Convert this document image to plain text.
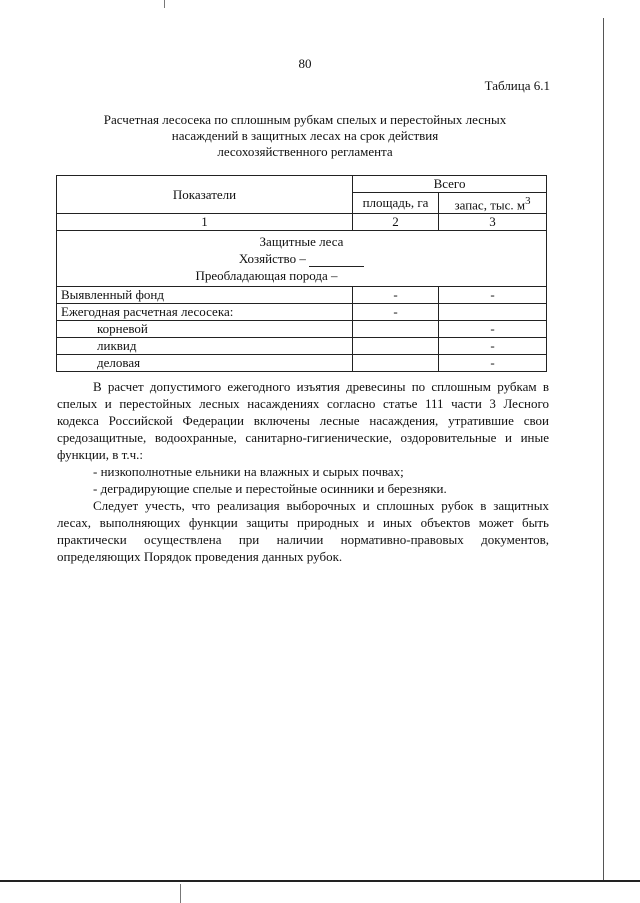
80
Таблица 6.1
Расчетная лесосека по сплошным рубкам спелых и перестойных лесных
насаждений в защитных лесах на срок действия
лесохозяйственного регламента
Показатели	Всего	
	площадь, га	запас, тыс. $м^3$
1	2	3

Защитные леса
Хозяйство –
Преобладающая порода –		

Выявленный фонд	-	-
Ежегодная расчетная лесосека:	-	
корневой		-
ликвид		-
деловая		-

В расчет допустимого ежегодного изъятия древесины по сплошным рубкам в спелых и перестойных лесных насаждениях согласно статье 111 части 3 Лесного кодекса Российской Федерации включены лесные насаждения, утратившие свои средозащитные, водоохранные, санитарно-гигиенические, оздоровительные и иные функции, в т.ч.:

- низкополнотные ельники на влажных и сырых почвах;

- деградирующие спелые и перестойные осинники и березняки.

Следует учесть, что реализация выборочных и сплошных рубок в защитных лесах, выполняющих функции защиты природных и иных объектов может быть практически осуществлена при наличии нормативно-правовых документов, определяющих Порядок проведения данных рубок.
